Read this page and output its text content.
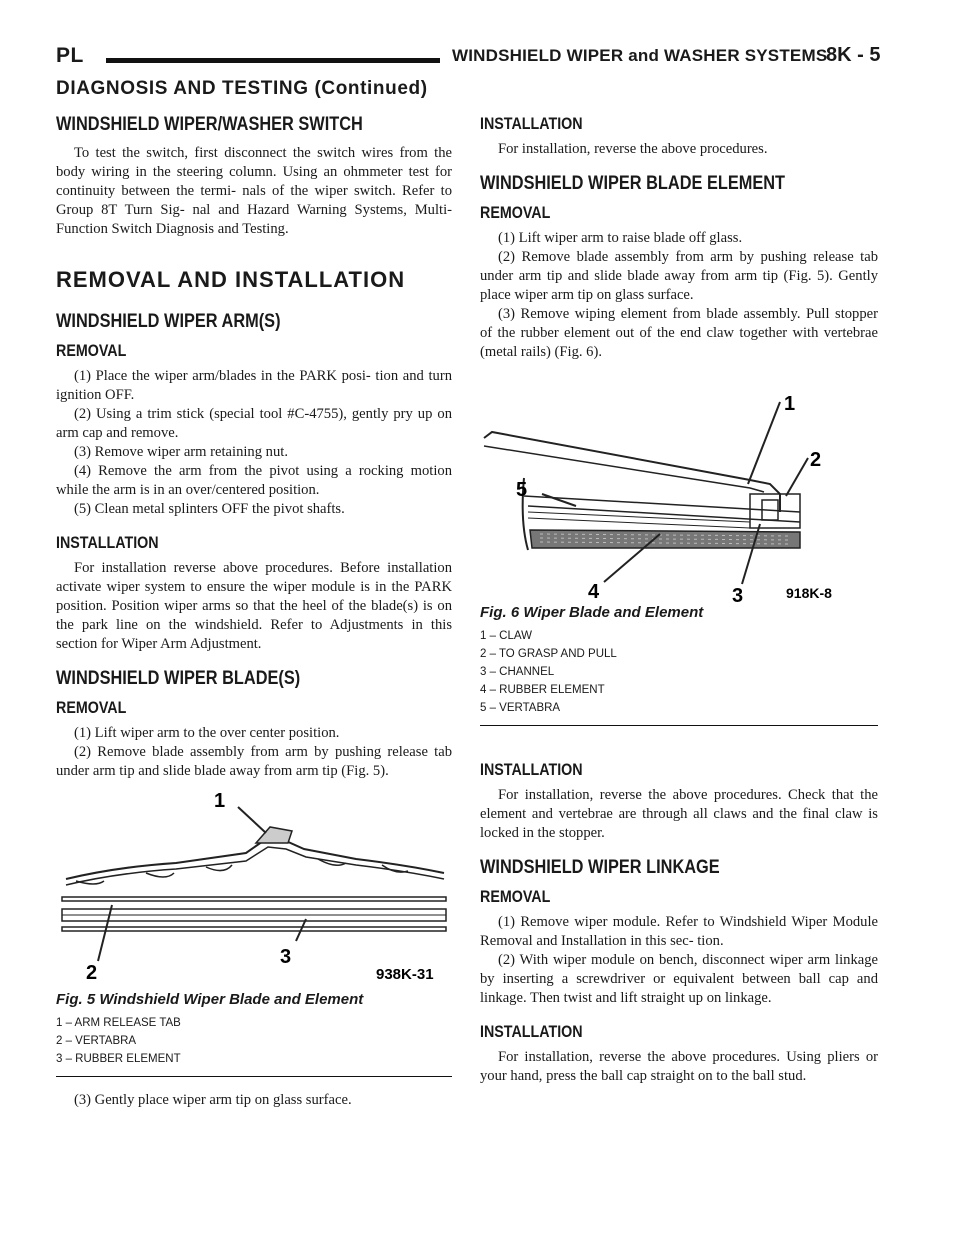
PL	WINDSHIELD WIPER and WASHER SYSTEMS
8K - 5
DIAGNOSIS AND TESTING (Continued)
WINDSHIELD WIPER/WASHER SWITCH

To test the switch, first disconnect the switch wires from the body wiring in the steering column. Using an ohmmeter test for continuity between the termi- nals of the wiper switch. Refer to Group 8T Turn Sig- nal and Hazard Warning Systems, Multi-Function Switch Diagnosis and Testing.

REMOVAL AND INSTALLATION
WINDSHIELD WIPER ARM(S)
REMOVAL

(1) Place the wiper arm/blades in the PARK posi- tion and turn ignition OFF.

(2) Using a trim stick (special tool #C-4755), gently pry up on arm cap and remove.

(3) Remove wiper arm retaining nut.

(4) Remove the arm from the pivot using a rocking motion while the arm is in an over/centered position.

(5) Clean metal splinters OFF the pivot shafts.

INSTALLATION

For installation reverse above procedures. Before installation activate wiper system to ensure the wiper module is in the PARK position. Position wiper arms so that the heel of the blade(s) is on the park line on the windshield. Refer to Adjustments in this section for Wiper Arm Adjustment.

WINDSHIELD WIPER BLADE(S)
REMOVAL

(1) Lift wiper arm to the over center position.

(2) Remove blade assembly from arm by pushing release tab under arm tip and slide blade away from arm tip (Fig. 5).

1
2
3
938K-31
Fig. 5 Windshield Wiper Blade and Element
1 – ARM RELEASE TAB
2 – VERTABRA
3 – RUBBER ELEMENT

(3) Gently place wiper arm tip on glass surface.

INSTALLATION

For installation, reverse the above procedures.

WINDSHIELD WIPER BLADE ELEMENT
REMOVAL

(1) Lift wiper arm to raise blade off glass.

(2) Remove blade assembly from arm by pushing release tab under arm tip and slide blade away from arm tip (Fig. 5). Gently place wiper arm tip on glass surface.

(3) Remove wiping element from blade assembly. Pull stopper of the rubber element out of the end claw together with vertebrae (metal rails) (Fig. 6).

1
2
3
4
5
918K-8
Fig. 6 Wiper Blade and Element
1 – CLAW
2 – TO GRASP AND PULL
3 – CHANNEL
4 – RUBBER ELEMENT
5 – VERTABRA
INSTALLATION

For installation, reverse the above procedures. Check that the element and vertebrae are through all claws and the final claw is locked in the stopper.

WINDSHIELD WIPER LINKAGE
REMOVAL

(1) Remove wiper module. Refer to Windshield Wiper Module Removal and Installation in this sec- tion.

(2) With wiper module on bench, disconnect wiper arm linkage by inserting a screwdriver or equivalent between ball cap and linkage. Then twist and lift straight up on linkage.

INSTALLATION

For installation, reverse the above procedures. Using pliers or your hand, press the ball cap straight on to the ball stud.
